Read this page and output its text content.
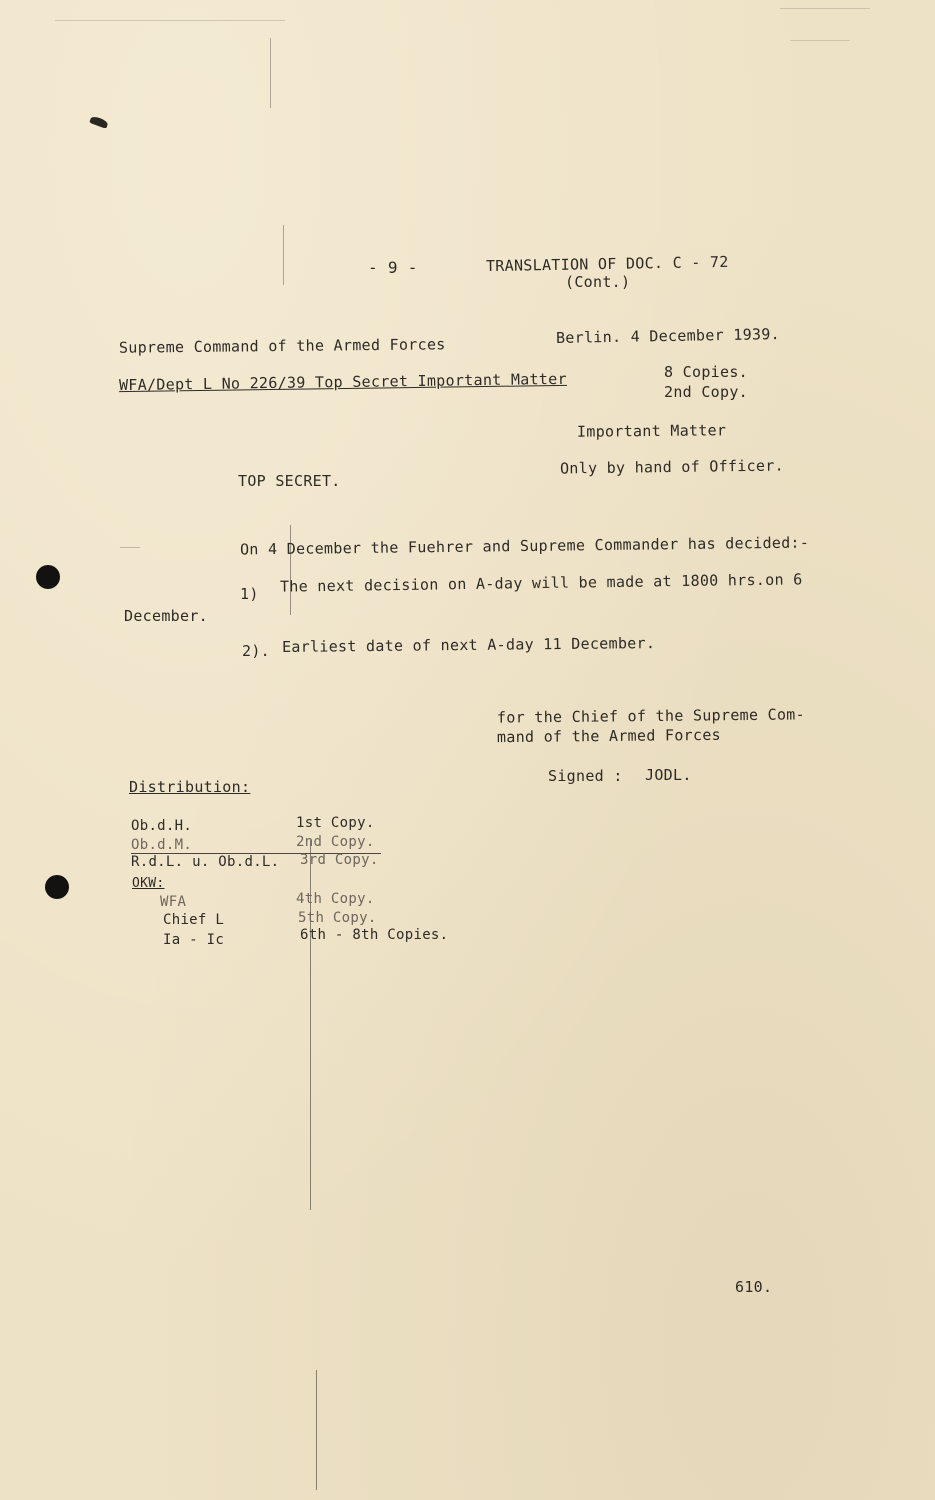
- 9 -	TRANSLATION OF DOC. C - 72
(Cont.)
Supreme Command of the Armed Forces	Berlin. 4 December 1939.
WFA/Dept L No 226/39 Top Secret Important Matter	8 Copies.
2nd Copy.
Important Matter
Only by hand of Officer.
TOP SECRET.
On 4 December the Fuehrer and Supreme Commander has decided:-
1) The next decision on A-day will be made at 1800 hrs.on 6
December.
2). Earliest date of next A-day 11 December.
for the Chief of the Supreme Com-
mand of the Armed Forces
Signed : JODL.
Distribution:
Ob.d.H.	1st Copy.
Ob.d.M.	2nd Copy.
R.d.L. u. Ob.d.L. 3rd Copy.
OKW:
WFA	4th Copy.
Chief L	5th Copy.
Ia - Ic	6th - 8th Copies.
610.
